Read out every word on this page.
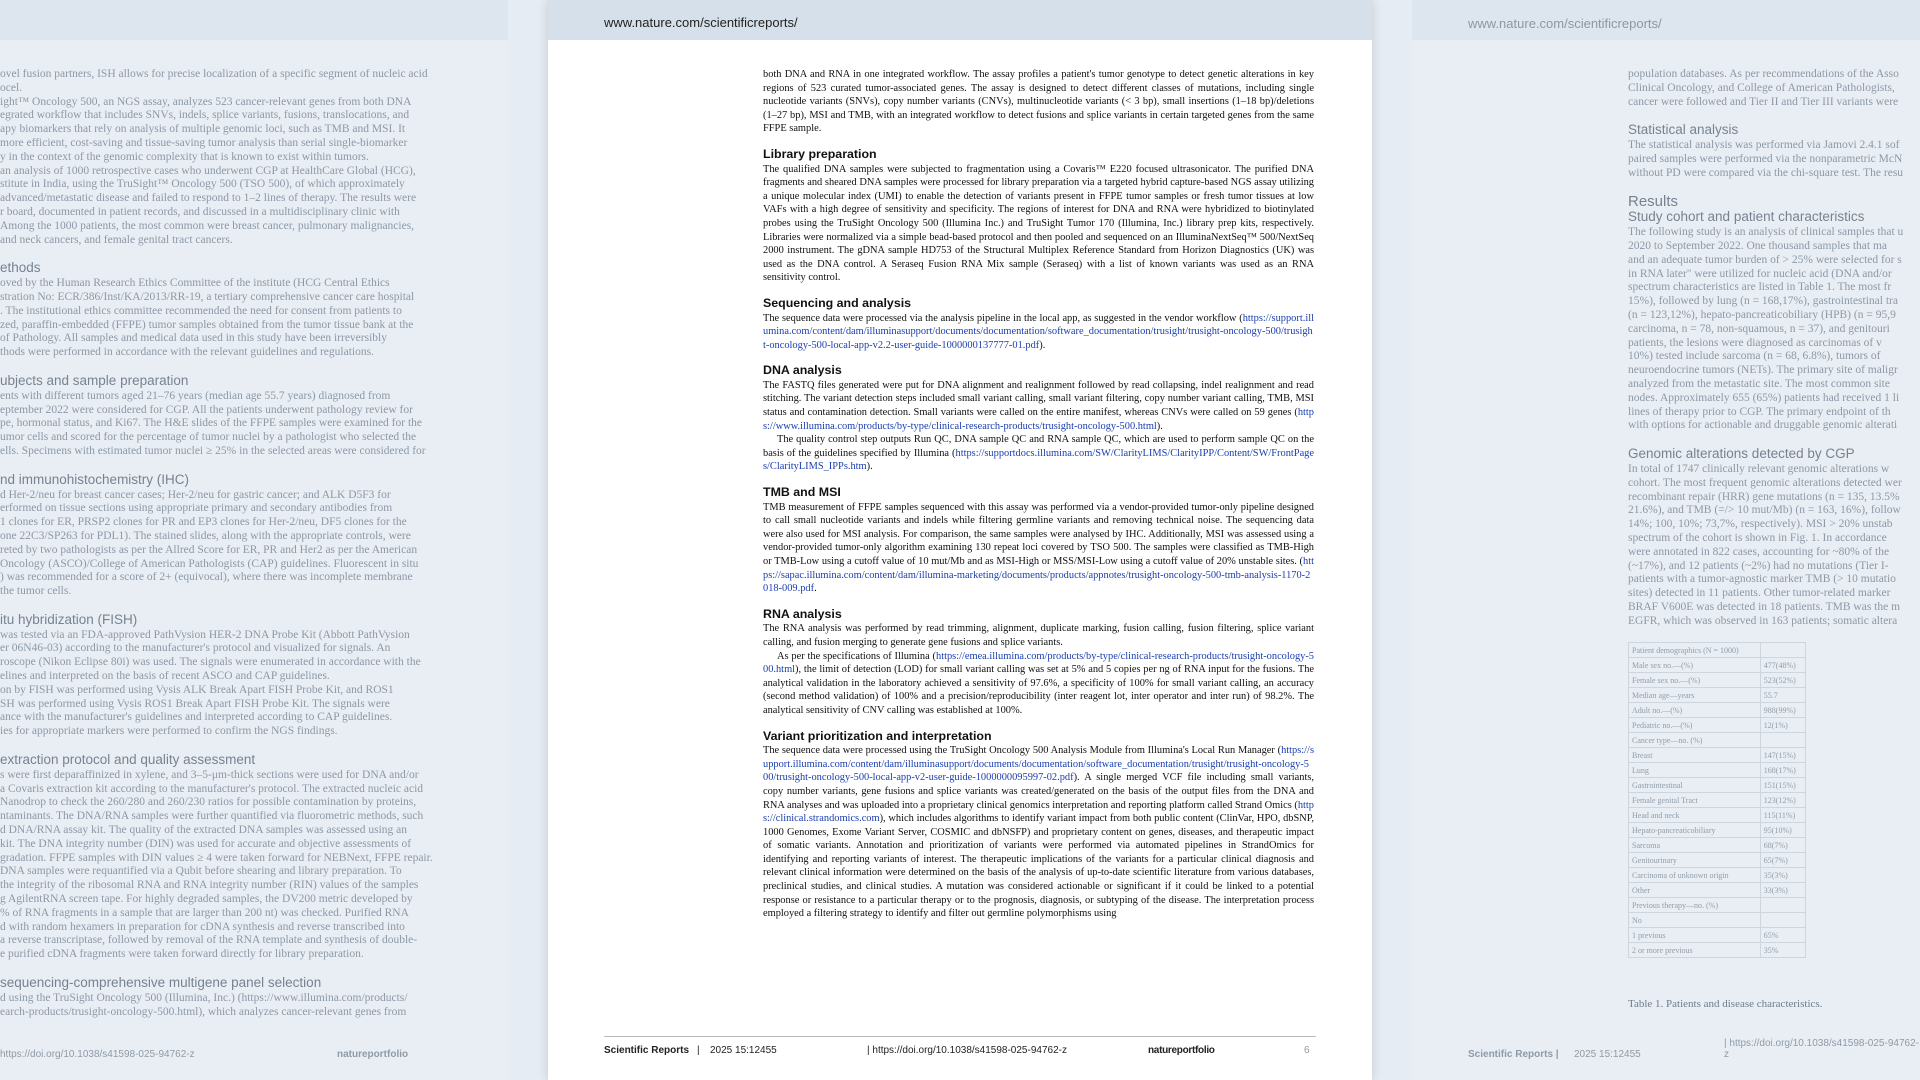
ovel fusion partners, ISH allows for precise localization of a specific segment of nucleic acid
ocel.
ight™ Oncology 500, an NGS assay, analyzes 523 cancer-relevant genes from both DNA
egrated workflow that includes SNVs, indels, splice variants, fusions, translocations, and
apy biomarkers that rely on analysis of multiple genomic loci, such as TMB and MSI. It
more efficient, cost-saving and tissue-saving tumor analysis than serial single-biomarker
y in the context of the genomic complexity that is known to exist within tumors.
an analysis of 1000 retrospective cases who underwent CGP at HealthCare Global (HCG),
stitute in India, using the TruSight™ Oncology 500 (TSO 500), of which approximately
advanced/metastatic disease and failed to respond to 1–2 lines of therapy. The results were
r board, documented in patient records, and discussed in a multidisciplinary clinic with
Among the 1000 patients, the most common were breast cancer, pulmonary malignancies,
and neck cancers, and female genital tract cancers.
ethods
oved by the Human Research Ethics Committee of the institute (HCG Central Ethics
stration No: ECR/386/Inst/KA/2013/RR-19, a tertiary comprehensive cancer care hospital
. The institutional ethics committee recommended the need for consent from patients to
zed, paraffin-embedded (FFPE) tumor samples obtained from the tumor tissue bank at the
of Pathology. All samples and medical data used in this study have been irreversibly
thods were performed in accordance with the relevant guidelines and regulations.
ubjects and sample preparation
ents with different tumors aged 21–76 years (median age 55.7 years) diagnosed from
eptember 2022 were considered for CGP. All the patients underwent pathology review for
pe, hormonal status, and Ki67. The H&E slides of the FFPE samples were examined for the
umor cells and scored for the percentage of tumor nuclei by a pathologist who selected the
ells. Specimens with estimated tumor nuclei ≥ 25% in the selected areas were considered for
nd immunohistochemistry (IHC)
d Her-2/neu for breast cancer cases; Her-2/neu for gastric cancer; and ALK D5F3 for
erformed on tissue sections using appropriate primary and secondary antibodies from
1 clones for ER, PRSP2 clones for PR and EP3 clones for Her-2/neu, DF5 clones for the
one 22C3/SP263 for PDL1). The stained slides, along with the appropriate controls, were
reted by two pathologists as per the Allred Score for ER, PR and Her2 as per the American
Oncology (ASCO)/College of American Pathologists (CAP) guidelines. Fluorescent in situ
) was recommended for a score of 2+ (equivocal), where there was incomplete membrane
the tumor cells.
itu hybridization (FISH)
was tested via an FDA-approved PathVysion HER-2 DNA Probe Kit (Abbott PathVysion
er 06N46-03) according to the manufacturer's protocol and visualized for signals. An
roscope (Nikon Eclipse 80i) was used. The signals were enumerated in accordance with the
elines and interpreted on the basis of recent ASCO and CAP guidelines.
on by FISH was performed using Vysis ALK Break Apart FISH Probe Kit, and ROS1
SH was performed using Vysis ROS1 Break Apart FISH Probe Kit. The signals were
ance with the manufacturer's guidelines and interpreted according to CAP guidelines.
ies for appropriate markers were performed to confirm the NGS findings.
extraction protocol and quality assessment
s were first deparaffinized in xylene, and 3–5-μm-thick sections were used for DNA and/or
a Covaris extraction kit according to the manufacturer's protocol. The extracted nucleic acid
Nanodrop to check the 260/280 and 260/230 ratios for possible contamination by proteins,
ntaminants. The DNA/RNA samples were further quantified via fluorometric methods, such
d DNA/RNA assay kit. The quality of the extracted DNA samples was assessed using an
kit. The DNA integrity number (DIN) was used for accurate and objective assessments of
gradation. FFPE samples with DIN values ≥ 4 were taken forward for NEBNext, FFPE repair.
DNA samples were requantified via a Qubit before shearing and library preparation. To
the integrity of the ribosomal RNA and RNA integrity number (RIN) values of the samples
g AgilentRNA screen tape. For highly degraded samples, the DV200 metric developed by
% of RNA fragments in a sample that are larger than 200 nt) was checked. Purified RNA
d with random hexamers in preparation for cDNA synthesis and reverse transcribed into
a reverse transcriptase, followed by removal of the RNA template and synthesis of double-
e purified cDNA fragments were taken forward directly for library preparation.
sequencing-comprehensive multigene panel selection
d using the TruSight Oncology 500 (Illumina, Inc.) (https://www.illumina.com/products/
earch-products/trusight-oncology-500.html), which analyzes cancer-relevant genes from
https://doi.org/10.1038/s41598-025-94762-z	natureportfolio
www.nature.com/scientificreports/
population databases. As per recommendations of the Asso
Clinical Oncology, and College of American Pathologists,
cancer were followed and Tier II and Tier III variants were
Statistical analysis
The statistical analysis was performed via Jamovi 2.4.1 sof
paired samples were performed via the nonparametric McN
without PD were compared via the chi-square test. The resu
Results
Study cohort and patient characteristics
The following study is an analysis of clinical samples that u
2020 to September 2022. One thousand samples that ma
and an adequate tumor burden of > 25% were selected for s
in RNA later" were utilized for nucleic acid (DNA and/or
spectrum characteristics are listed in Table 1. The most fr
15%), followed by lung (n = 168,17%), gastrointestinal tra
(n = 123,12%), hepato-pancreaticobiliary (HPB) (n = 95,9
carcinoma, n = 78, non-squamous, n = 37), and genitouri
patients, the lesions were diagnosed as carcinomas of v
10%) tested include sarcoma (n = 68, 6.8%), tumors of
neuroendocrine tumors (NETs). The primary site of maligr
analyzed from the metastatic site. The most common site
nodes. Approximately 655 (65%) patients had received 1 li
lines of therapy prior to CGP. The primary endpoint of th
with options for actionable and druggable genomic alterati
Genomic alterations detected by CGP
In total of 1747 clinically relevant genomic alterations w
cohort. The most frequent genomic alterations detected wer
recombinant repair (HRR) gene mutations (n = 135, 13.5%
21.6%), and TMB (=/> 10 mut/Mb) (n = 163, 16%), follow
14%; 100, 10%; 73,7%, respectively). MSI > 20% unstab
spectrum of the cohort is shown in Fig. 1. In accordance
were annotated in 822 cases, accounting for ~80% of the
(~17%), and 12 patients (~2%) had no mutations (Tier I-
patients with a tumor-agnostic marker TMB (> 10 mutatio
sites) detected in 11 patients. Other tumor-related marker
BRAF V600E was detected in 18 patients. TMB was the m
EGFR, which was observed in 163 patients; somatic altera
Scientific Reports | 2025 15:12455
| https://doi.org/10.1038/s41598-025-94762-z
Patient demographics (N = 1000)	
Male sex no.—(%)	477(48%)
Female sex no.—(%)	523(52%)
Median age—years	55.7
Adult no.—(%)	988(99%)
Pediatric no.—(%)	12(1%)
Cancer type—no. (%)	
Breast	147(15%)
Lung	168(17%)
Gastrointestinal	151(15%)
Female genital Tract	123(12%)
Head and neck	115(11%)
Hepato-pancreaticobiliary	95(10%)
Sarcoma	68(7%)
Genitourinary	65(7%)
Carcinoma of unknown origin	35(3%)
Other	33(3%)
Previous therapy—no. (%)	
No	
1 previous	65%
2 or more previous	35%
Table 1. Patients and disease characteristics.
www.nature.com/scientificreports/

both DNA and RNA in one integrated workflow. The assay profiles a patient's tumor genotype to detect genetic alterations in key regions of 523 curated tumor-associated genes. The assay is designed to detect different classes of mutations, including single nucleotide variants (SNVs), copy number variants (CNVs), multinucleotide variants (< 3 bp), small insertions (1–18 bp)/deletions (1–27 bp), MSI and TMB, with an integrated workflow to detect fusions and splice variants in certain targeted genes from the same FFPE sample.

Library preparation

The qualified DNA samples were subjected to fragmentation using a Covaris™ E220 focused ultrasonicator. The purified DNA fragments and sheared DNA samples were processed for library preparation via a targeted hybrid capture-based NGS assay utilizing a unique molecular index (UMI) to enable the detection of variants present in FFPE tumor samples or fresh tumor tissues at low VAFs with a high degree of sensitivity and specificity. The regions of interest for DNA and RNA were hybridized to biotinylated probes using the TruSight Oncology 500 (Illumina Inc.) and TruSight Tumor 170 (Illumina, Inc.) library prep kits, respectively. Libraries were normalized via a simple bead-based protocol and then pooled and sequenced on an IlluminaNextSeq™ 500/NextSeq 2000 instrument. The gDNA sample HD753 of the Structural Multiplex Reference Standard from Horizon Diagnostics (UK) was used as the DNA control. A Seraseq Fusion RNA Mix sample (Seraseq) with a list of known variants was used as an RNA sensitivity control.

Sequencing and analysis

The sequence data were processed via the analysis pipeline in the local app, as suggested in the vendor workflow (https://support.illumina.com/content/dam/illuminasupport/documents/documentation/software_documentation/trusight/trusight-oncology-500/trusight-oncology-500-local-app-v2.2-user-guide-1000000137777-01.pdf).

DNA analysis

The FASTQ files generated were put for DNA alignment and realignment followed by read collapsing, indel realignment and read stitching. The variant detection steps included small variant calling, small variant filtering, copy number variant calling, TMB, MSI status and contamination detection. Small variants were called on the entire manifest, whereas CNVs were called on 59 genes (https://www.illumina.com/products/by-type/clinical-research-products/trusight-oncology-500.html).

The quality control step outputs Run QC, DNA sample QC and RNA sample QC, which are used to perform sample QC on the basis of the guidelines specified by Illumina (https://supportdocs.illumina.com/SW/ClarityLIMS/ClarityIPP/Content/SW/FrontPages/ClarityLIMS_IPPs.htm).

TMB and MSI

TMB measurement of FFPE samples sequenced with this assay was performed via a vendor-provided tumor-only pipeline designed to call small nucleotide variants and indels while filtering germline variants and removing technical noise. The sequencing data were also used for MSI analysis. For comparison, the same samples were analysed by IHC. Additionally, MSI was assessed using a vendor-provided tumor-only algorithm examining 130 repeat loci covered by TSO 500. The samples were classified as TMB-High or TMB-Low using a cutoff value of 10 mut/Mb and as MSI-High or MSS/MSI-Low using a cutoff value of 20% unstable sites. (https://sapac.illumina.com/content/dam/illumina-marketing/documents/products/appnotes/trusight-oncology-500-tmb-analysis-1170-2018-009.pdf.

RNA analysis

The RNA analysis was performed by read trimming, alignment, duplicate marking, fusion calling, fusion filtering, splice variant calling, and fusion merging to generate gene fusions and splice variants.

As per the specifications of Illumina (https://emea.illumina.com/products/by-type/clinical-research-products/trusight-oncology-500.html), the limit of detection (LOD) for small variant calling was set at 5% and 5 copies per ng of RNA input for the fusions. The analytical validation in the laboratory achieved a sensitivity of 97.6%, a specificity of 100% for small variant calling, an accuracy (second method validation) of 100% and a precision/reproducibility (inter reagent lot, inter operator and inter run) of 98.2%. The analytical sensitivity of CNV calling was established at 100%.

Variant prioritization and interpretation

The sequence data were processed using the TruSight Oncology 500 Analysis Module from Illumina's Local Run Manager (https://support.illumina.com/content/dam/illuminasupport/documents/documentation/software_documentation/trusight/trusight-oncology-500/trusight-oncology-500-local-app-v2-user-guide-1000000095997-02.pdf). A single merged VCF file including small variants, copy number variants, gene fusions and splice variants was created/generated on the basis of the output files from the DNA and RNA analyses and was uploaded into a proprietary clinical genomics interpretation and reporting platform called Strand Omics (https://clinical.strandomics.com), which includes algorithms to identify variant impact from both public content (ClinVar, HPO, dbSNP, 1000 Genomes, Exome Variant Server, COSMIC and dbNSFP) and proprietary content on genes, diseases, and therapeutic impact of somatic variants. Annotation and prioritization of variants were performed via automated pipelines in StrandOmics for identifying and reporting variants of interest. The therapeutic implications of the variants for a particular clinical diagnosis and relevant clinical information were determined on the basis of the analysis of up-to-date scientific literature from various databases, preclinical studies, and clinical studies. A mutation was considered actionable or significant if it could be linked to a potential response or resistance to a particular therapy or to the prognosis, diagnosis, or subtyping of the disease. The interpretation process employed a filtering strategy to identify and filter out germline polymorphisms using

Scientific Reports | 2025 15:12455	| https://doi.org/10.1038/s41598-025-94762-z	natureportfolio	6
